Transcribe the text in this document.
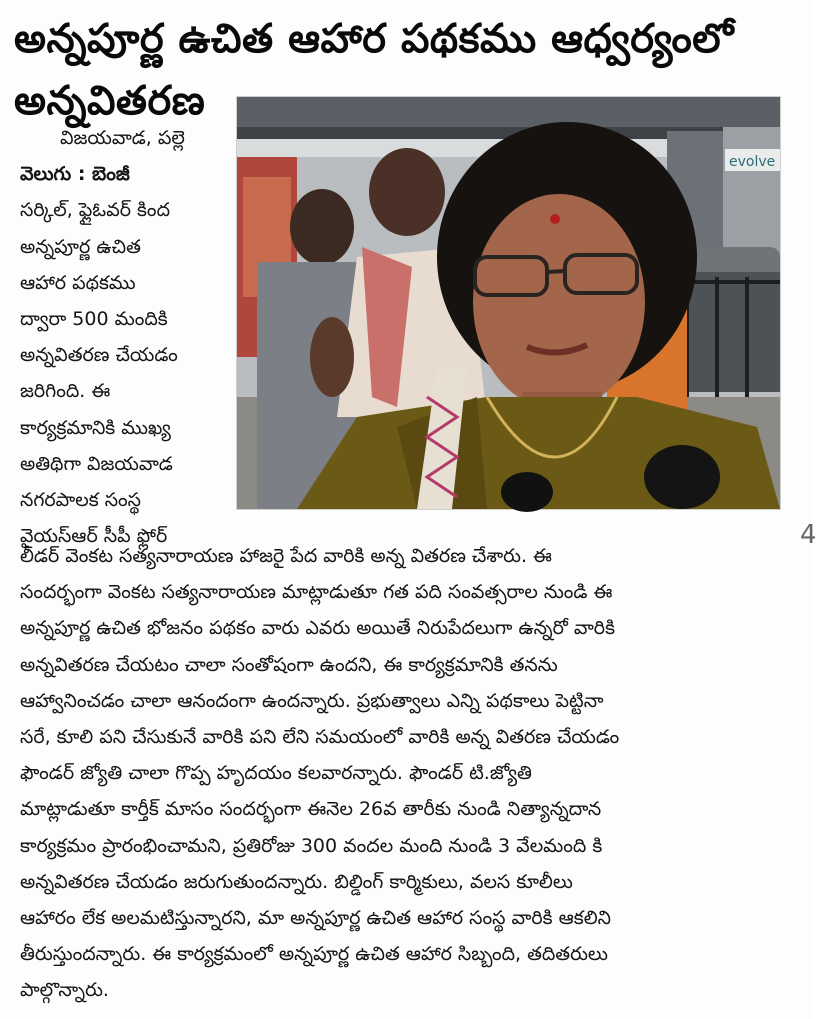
అన్నపూర్ణ ఉచిత ఆహార పథకము ఆధ్వర్యంలో
అన్నవితరణ
evolve
4
విజయవాడ, పల్లె
వెలుగు : బెంజీ
సర్కిల్, ఫ్లైఓవర్ కింద
అన్నపూర్ణ ఉచిత
ఆహార పథకము
ద్వారా 500 మందికి
అన్నవితరణ చేయడం
జరిగింది. ఈ
కార్యక్రమానికి ముఖ్య
అతిథిగా విజయవాడ
నగరపాలక సంస్థ
వైయస్ఆర్ సీపీ ఫ్లోర్
లీడర్ వెంకట సత్యనారాయణ హాజరై పేద వారికి అన్న వితరణ చేశారు. ఈ
సందర్భంగా వెంకట సత్యనారాయణ మాట్లాడుతూ గత పది సంవత్సరాల నుండి ఈ
అన్నపూర్ణ ఉచిత భోజనం పథకం వారు ఎవరు అయితే నిరుపేదలుగా ఉన్నరో వారికి
అన్నవితరణ చేయటం చాలా సంతోషంగా ఉందని, ఈ కార్యక్రమానికి తనను
ఆహ్వానించడం చాలా ఆనందంగా ఉందన్నారు. ప్రభుత్వాలు ఎన్ని పథకాలు పెట్టినా
సరే, కూలి పని చేసుకునే వారికి పని లేని సమయంలో వారికి అన్న వితరణ చేయడం
ఫౌండర్ జ్యోతి చాలా గొప్ప హృదయం కలవారన్నారు. ఫౌండర్ టి.జ్యోతి
మాట్లాడుతూ కార్తీక్ మాసం సందర్భంగా ఈనెల 26వ తారీకు నుండి నిత్యాన్నదాన
కార్యక్రమం ప్రారంభించామని, ప్రతిరోజు 300 వందల మంది నుండి 3 వేలమంది కి
అన్నవితరణ చేయడం జరుగుతుందన్నారు. బిల్డింగ్ కార్మికులు, వలస కూలీలు
ఆహారం లేక అలమటిస్తున్నారని, మా అన్నపూర్ణ ఉచిత ఆహార సంస్థ వారికి ఆకలిని
తీరుస్తుందన్నారు. ఈ కార్యక్రమంలో అన్నపూర్ణ ఉచిత ఆహార సిబ్బంది, తదితరులు
పాల్గొన్నారు.
